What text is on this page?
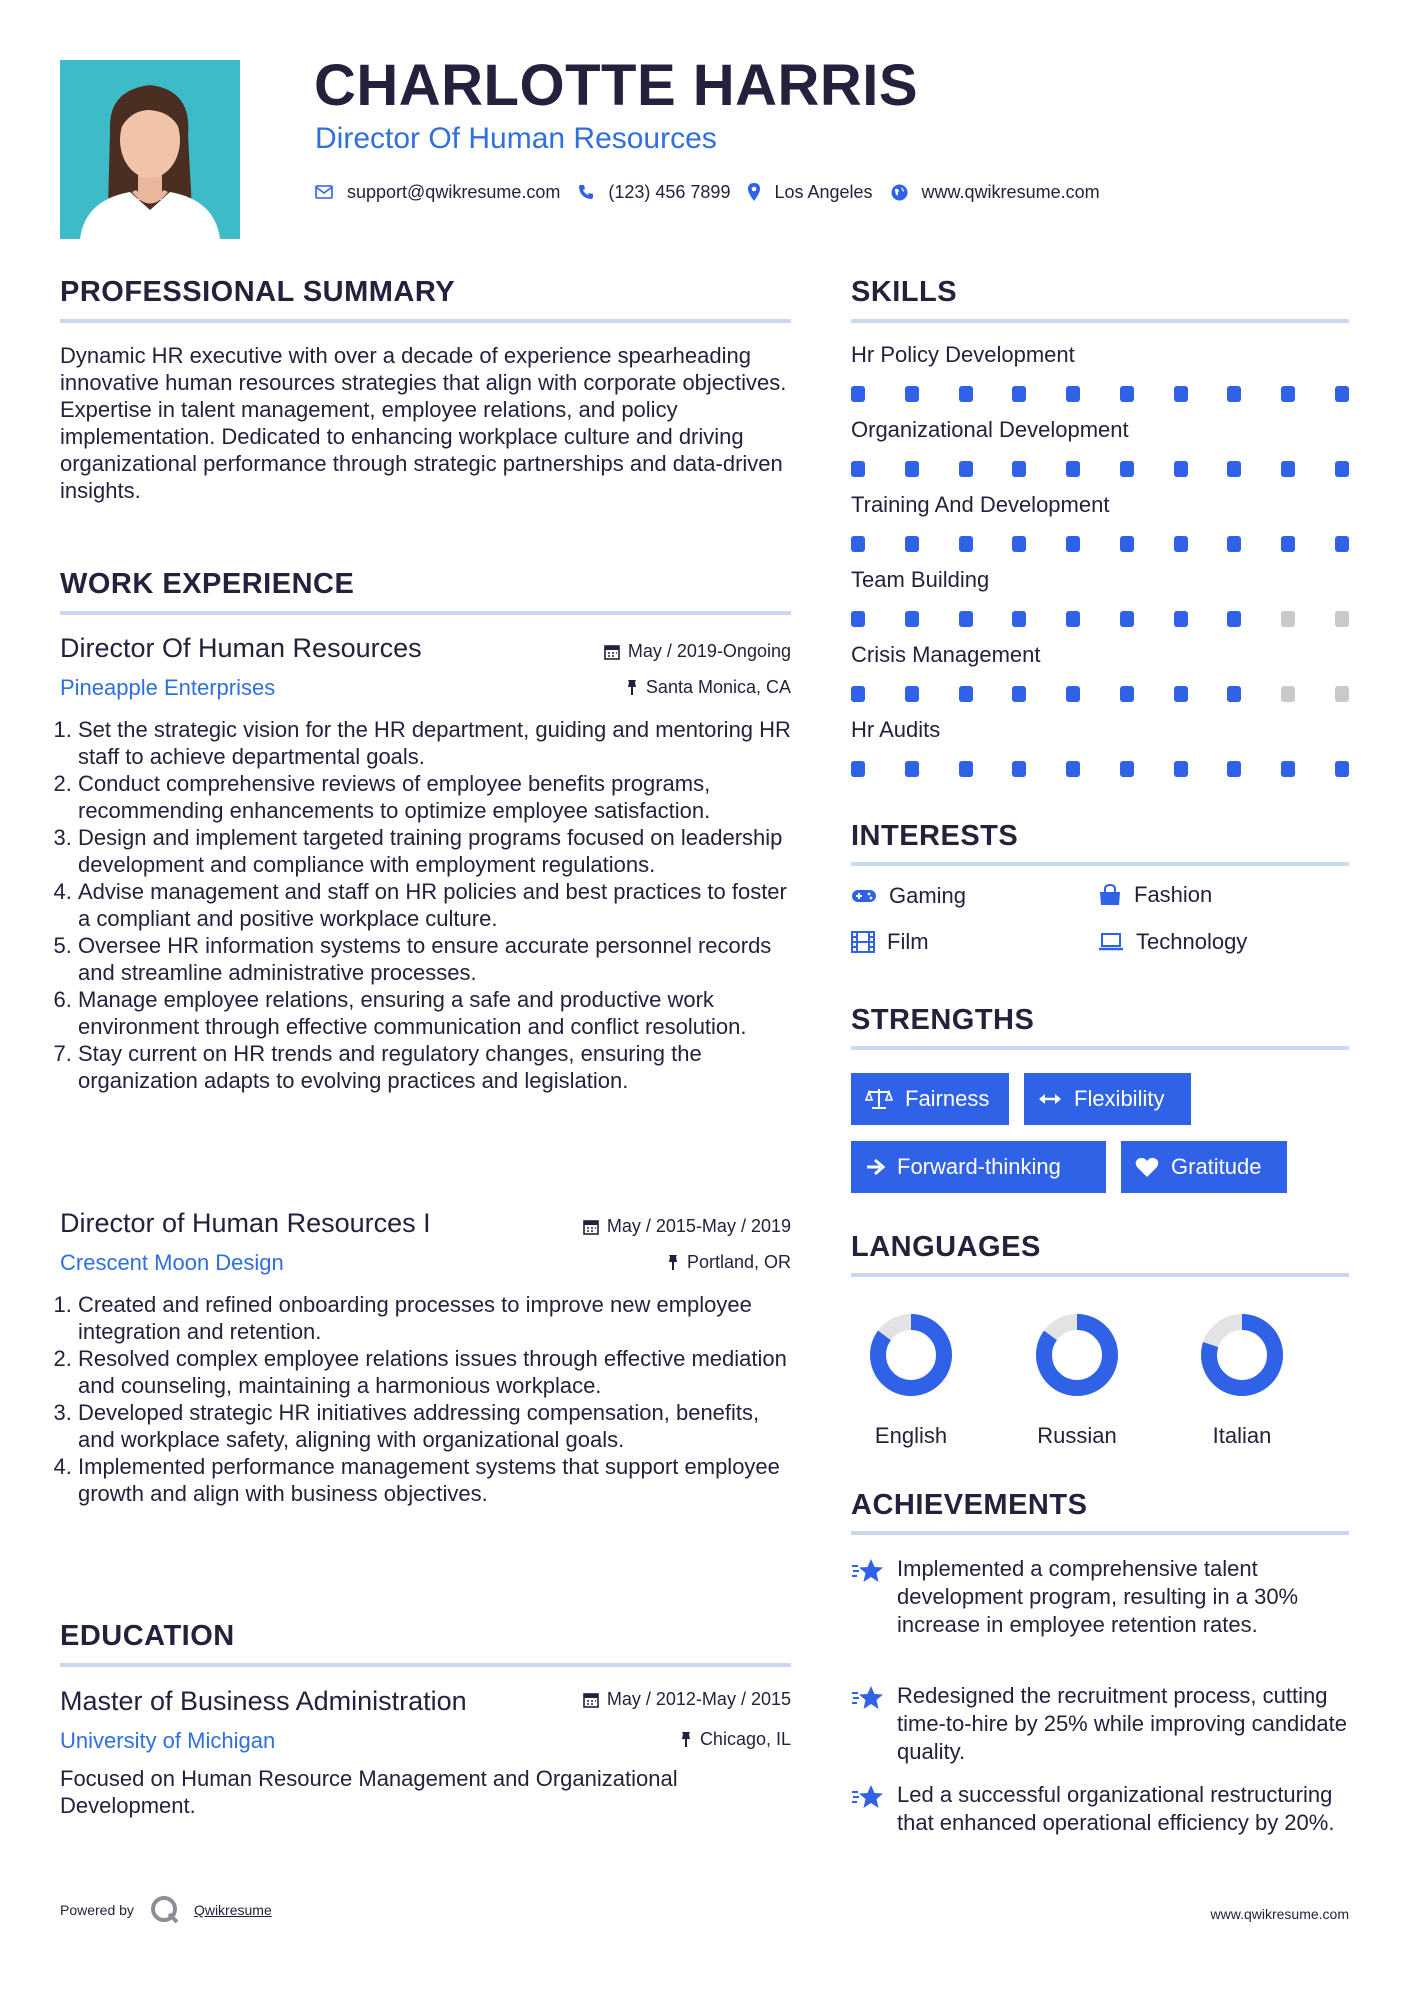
CHARLOTTE HARRIS
Director Of Human Resources
support@qwikresume.com	(123) 456 7899 Los Angeles	www.qwikresume.com
PROFESSIONAL SUMMARY
Dynamic HR executive with over a decade of experience spearheading innovative human resources strategies that align with corporate objectives. Expertise in talent management, employee relations, and policy implementation. Dedicated to enhancing workplace culture and driving organizational performance through strategic partnerships and data-driven insights.
WORK EXPERIENCE
Director Of Human Resources	May / 2019-Ongoing
Pineapple Enterprises	Santa Monica, CA
1. Set the strategic vision for the HR department, guiding and mentoring HR staff to achieve departmental goals.
2. Conduct comprehensive reviews of employee benefits programs, recommending enhancements to optimize employee satisfaction.
3. Design and implement targeted training programs focused on leadership development and compliance with employment regulations.
4. Advise management and staff on HR policies and best practices to foster a compliant and positive workplace culture.
5. Oversee HR information systems to ensure accurate personnel records and streamline administrative processes.
6. Manage employee relations, ensuring a safe and productive work environment through effective communication and conflict resolution.
7. Stay current on HR trends and regulatory changes, ensuring the organization adapts to evolving practices and legislation.
Director of Human Resources I	May / 2015-May / 2019
Crescent Moon Design	Portland, OR
1. Created and refined onboarding processes to improve new employee integration and retention.
2. Resolved complex employee relations issues through effective mediation and counseling, maintaining a harmonious workplace.
3. Developed strategic HR initiatives addressing compensation, benefits, and workplace safety, aligning with organizational goals.
4. Implemented performance management systems that support employee growth and align with business objectives.
EDUCATION
Master of Business Administration	May / 2012-May / 2015
University of Michigan	Chicago, IL
Focused on Human Resource Management and Organizational Development.
SKILLS
Hr Policy Development
Organizational Development
Training And Development
Team Building
Crisis Management
Hr Audits
INTERESTS
Gaming	Fashion
Film	Technology
STRENGTHS
Fairness	Flexibility
Forward-thinking	Gratitude
LANGUAGES
English	Russian	Italian
ACHIEVEMENTS
Implemented a comprehensive talent development program, resulting in a 30% increase in employee retention rates.
Redesigned the recruitment process, cutting time-to-hire by 25% while improving candidate quality.
Led a successful organizational restructuring that enhanced operational efficiency by 20%.
Powered by	Qwikresume	www.qwikresume.com
